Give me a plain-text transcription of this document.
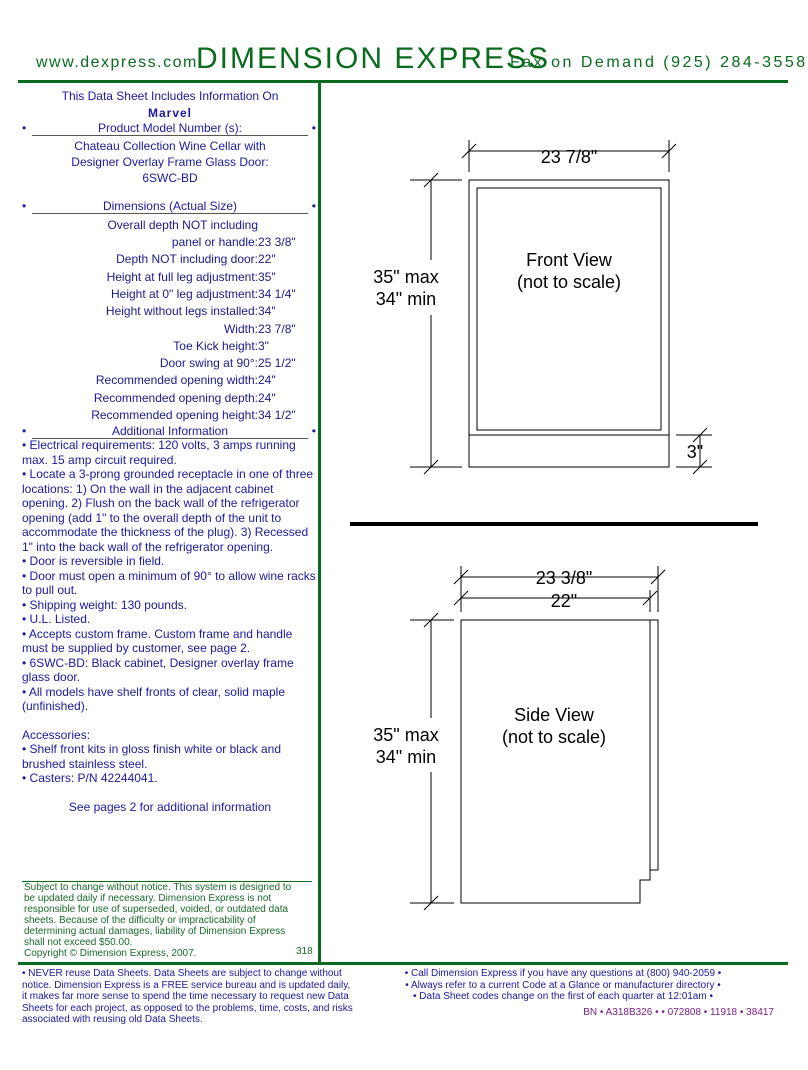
www.dexpress.com
DIMENSION EXPRESS
Fax on Demand (925) 284-3558
This Data Sheet Includes Information On
Marvel
•	Product Model Number (s):	•
Chateau Collection Wine Cellar with
Designer Overlay Frame Glass Door:
6SWC-BD
•	Dimensions (Actual Size)	•
Overall depth NOT including
panel or handle: 23 3/8"
Depth NOT including door: 22"
Height at full leg adjustment: 35"
Height at 0" leg adjustment: 34 1/4"
Height without legs installed: 34"
Width: 23 7/8"
Toe Kick height: 3"
Door swing at 90°: 25 1/2"
Recommended opening width: 24"
Recommended opening depth: 24"
Recommended opening height: 34 1/2"
•	Additional Information	•

• Electrical requirements: 120 volts, 3 amps running max. 15 amp circuit required.

• Locate a 3-prong grounded receptacle in one of three locations: 1) On the wall in the adjacent cabinet opening. 2) Flush on the back wall of the refrigerator opening (add 1" to the overall depth of the unit to accommodate the thickness of the plug). 3) Recessed 1" into the back wall of the refrigerator opening.

• Door is reversible in field.

• Door must open a minimum of 90° to allow wine racks to pull out.

• Shipping weight: 130 pounds.

• U.L. Listed.

• Accepts custom frame. Custom frame and handle must be supplied by customer, see page 2.

• 6SWC-BD: Black cabinet, Designer overlay frame glass door.

• All models have shelf fronts of clear, solid maple (unfinished).

Accessories:

• Shelf front kits in gloss finish white or black and brushed stainless steel.

• Casters: P/N 42244041.

See pages 2 for additional information

Subject to change without notice. This system is designed to be updated daily if necessary. Dimension Express is not responsible for use of superseded, voided, or outdated data sheets. Because of the difficulty or impracticability of determining actual damages, liability of Dimension Express shall not exceed $50.00.
Copyright © Dimension Express, 2007.	318
23 7/8"
35" max
34" min
Front View
(not to scale)
3"
23 3/8"
22"
35" max
34" min
Side View
(not to scale)
• NEVER reuse Data Sheets. Data Sheets are subject to change without
notice. Dimension Express is a FREE service bureau and is updated daily,
it makes far more sense to spend the time necessary to request new Data
Sheets for each project, as opposed to the problems, time, costs, and risks
associated with reusing old Data Sheets.
• Call Dimension Express if you have any questions at (800) 940-2059 •
• Always refer to a current Code at a Glance or manufacturer directory •
• Data Sheet codes change on the first of each quarter at 12:01am •
BN • A318B326 • • 072808 • 11918 • 38417
